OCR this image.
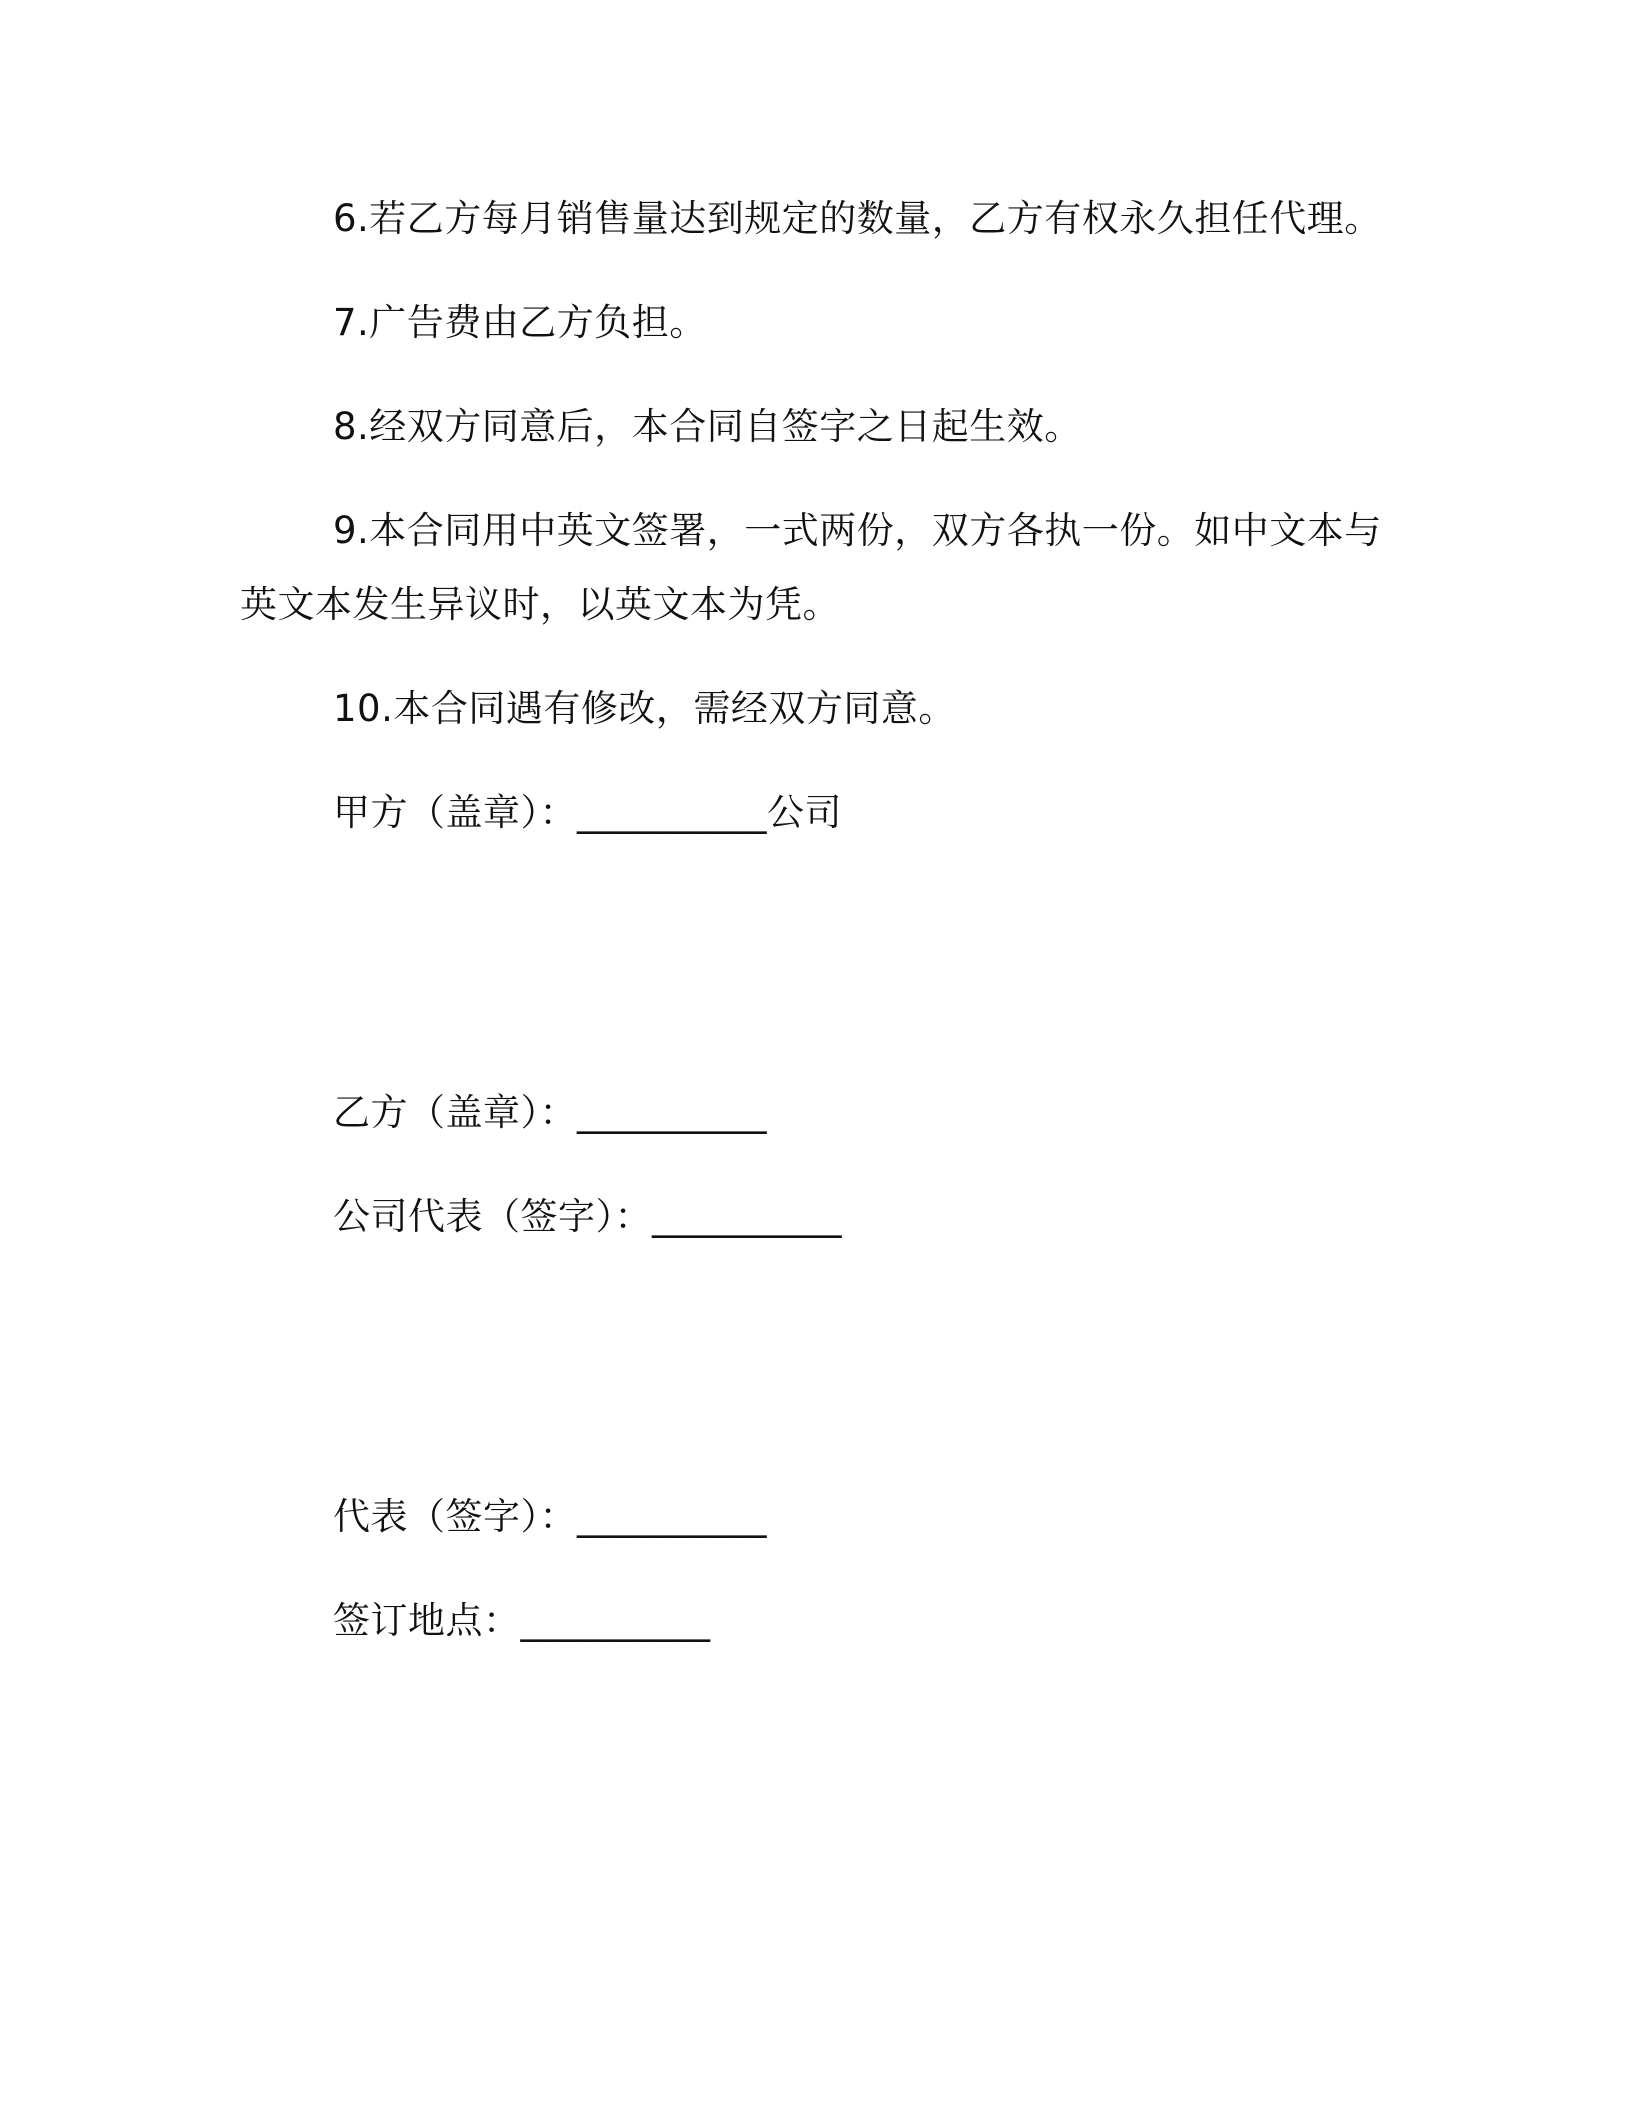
6.若乙方每月销售量达到规定的数量，乙方有权永久担任代理。

7.广告费由乙方负担。

8.经双方同意后，本合同自签字之日起生效。

9.本合同用中英文签署，一式两份，双方各执一份。如中文本与

英文本发生异议时，以英文本为凭。

10.本合同遇有修改，需经双方同意。

甲方（盖章）：__________公司

乙方（盖章）：__________

公司代表（签字）：__________

代表（签字）：__________

签订地点：__________
